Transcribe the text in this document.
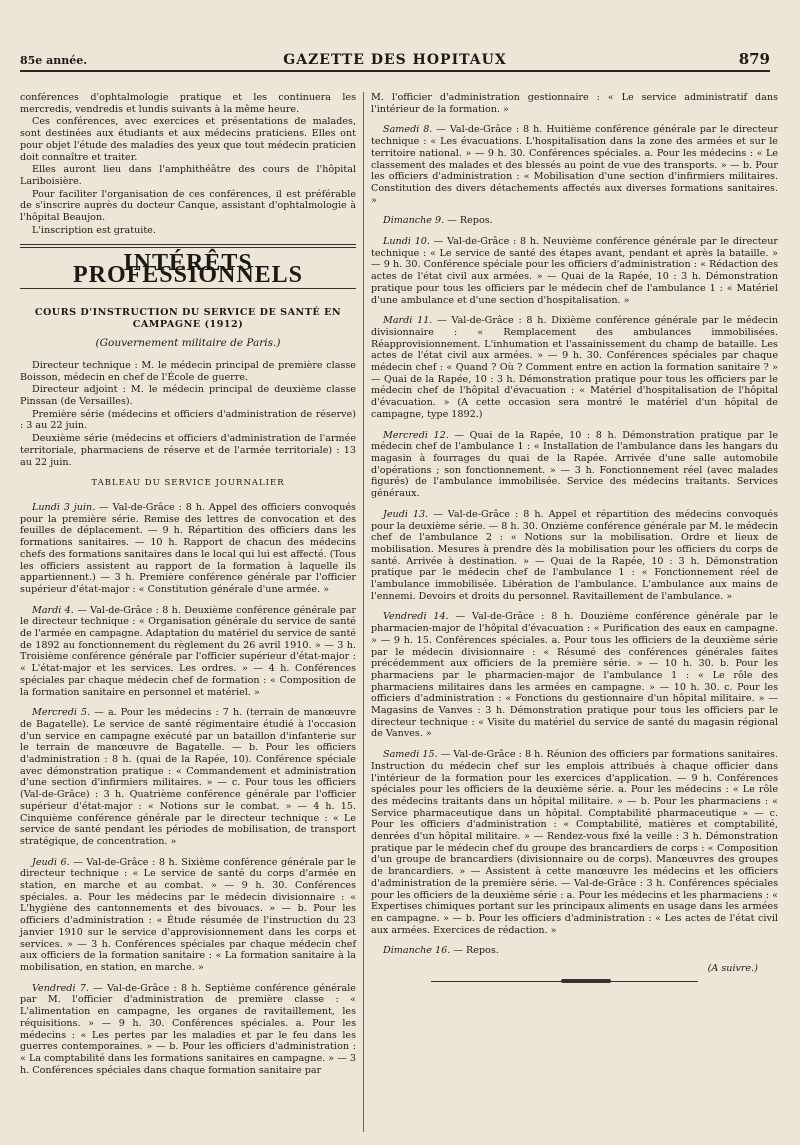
85e année.	GAZETTE DES HOPITAUX	879

conférences d'ophtalmologie pratique et les continuera les mercredis, vendredis et lundis suivants à la même heure.

Ces conférences, avec exercices et présentations de malades, sont destinées aux étudiants et aux médecins praticiens. Elles ont pour objet l'étude des maladies des yeux que tout médecin praticien doit connaître et traiter.

Elles auront lieu dans l'amphithéâtre des cours de l'hôpital Lariboisière.

Pour faciliter l'organisation de ces conférences, il est préférable de s'inscrire auprès du docteur Canque, assistant d'ophtalmologie à l'hôpital Beaujon.

L'inscription est gratuite.

INTÉRÊTS PROFESSIONNELS
COURS D'INSTRUCTION DU SERVICE DE SANTÉ EN CAMPAGNE (1912)
(Gouvernement militaire de Paris.)

Directeur technique : M. le médecin principal de première classe Boisson, médecin en chef de l'École de guerre.

Directeur adjoint : M. le médecin principal de deuxième classe Pinssan (de Versailles).

Première série (médecins et officiers d'administration de réserve) : 3 au 22 juin.

Deuxième série (médecins et officiers d'administration de l'armée territoriale, pharmaciens de réserve et de l'armée territoriale) : 13 au 22 juin.

TABLEAU DU SERVICE JOURNALIER

Lundi 3 juin. — Val-de-Grâce : 8 h. Appel des officiers convoqués pour la première série. Remise des lettres de convocation et des feuilles de déplacement. — 9 h. Répartition des officiers dans les formations sanitaires. — 10 h. Rapport de chacun des médecins chefs des formations sanitaires dans le local qui lui est affecté. (Tous les officiers assistent au rapport de la formation à laquelle ils appartiennent.) — 3 h. Première conférence générale par l'officier supérieur d'état-major : « Constitution générale d'une armée. »

Mardi 4. — Val-de-Grâce : 8 h. Deuxième conférence générale par le directeur technique : « Organisation générale du service de santé de l'armée en campagne. Adaptation du matériel du service de santé de 1892 au fonctionnement du règlement du 26 avril 1910. » — 3 h. Troisième conférence générale par l'officier supérieur d'état-major : « L'état-major et les services. Les ordres. » — 4 h. Conférences spéciales par chaque médecin chef de formation : « Composition de la formation sanitaire en personnel et matériel. »

Mercredi 5. — a. Pour les médecins : 7 h. (terrain de manœuvre de Bagatelle). Le service de santé régimentaire étudié à l'occasion d'un service en campagne exécuté par un bataillon d'infanterie sur le terrain de manœuvre de Bagatelle. — b. Pour les officiers d'administration : 8 h. (quai de la Rapée, 10). Conférence spéciale avec démonstration pratique : « Commandement et administration d'une section d'infirmiers militaires. » — c. Pour tous les officiers (Val-de-Grâce) : 3 h. Quatrième conférence générale par l'officier supérieur d'état-major : « Notions sur le combat. » — 4 h. 15. Cinquième conférence générale par le directeur technique : « Le service de santé pendant les périodes de mobilisation, de transport stratégique, de concentration. »

Jeudi 6. — Val-de-Grâce : 8 h. Sixième conférence générale par le directeur technique : « Le service de santé du corps d'armée en station, en marche et au combat. » — 9 h. 30. Conférences spéciales. a. Pour les médecins par le médecin divisionnaire : « L'hygiène des cantonnements et des bivouacs. » — b. Pour les officiers d'administration : « Étude résumée de l'instruction du 23 janvier 1910 sur le service d'approvisionnement dans les corps et services. » — 3 h. Conférences spéciales par chaque médecin chef aux officiers de la formation sanitaire : « La formation sanitaire à la mobilisation, en station, en marche. »

Vendredi 7. — Val-de-Grâce : 8 h. Septième conférence générale par M. l'officier d'administration de première classe : « L'alimentation en campagne, les organes de ravitaillement, les réquisitions. » — 9 h. 30. Conférences spéciales. a. Pour les médecins : « Les pertes par les maladies et par le feu dans les guerres contemporaines. » — b. Pour les officiers d'administration : « La comptabilité dans les formations sanitaires en campagne. » — 3 h. Conférences spéciales dans chaque formation sanitaire par

M. l'officier d'administration gestionnaire : « Le service administratif dans l'intérieur de la formation. »

Samedi 8. — Val-de-Grâce : 8 h. Huitième conférence générale par le directeur technique : « Les évacuations. L'hospitalisation dans la zone des armées et sur le territoire national. » — 9 h. 30. Conférences spéciales. a. Pour les médecins : « Le classement des malades et des blessés au point de vue des transports. » — b. Pour les officiers d'administration : « Mobilisation d'une section d'infirmiers militaires. Constitution des divers détachements affectés aux diverses formations sanitaires. »

Dimanche 9. — Repos.

Lundi 10. — Val-de-Grâce : 8 h. Neuvième conférence générale par le directeur technique : « Le service de santé des étapes avant, pendant et après la bataille. » — 9 h. 30. Conférence spéciale pour les officiers d'administration : « Rédaction des actes de l'état civil aux armées. » — Quai de la Rapée, 10 : 3 h. Démonstration pratique pour tous les officiers par le médecin chef de l'ambulance 1 : « Matériel d'une ambulance et d'une section d'hospitalisation. »

Mardi 11. — Val-de-Grâce : 8 h. Dixième conférence générale par le médecin divisionnaire : « Remplacement des ambulances immobilisées. Réapprovisionnement. L'inhumation et l'assainissement du champ de bataille. Les actes de l'état civil aux armées. » — 9 h. 30. Conférences spéciales par chaque médecin chef : « Quand ? Où ? Comment entre en action la formation sanitaire ? » — Quai de la Rapée, 10 : 3 h. Démonstration pratique pour tous les officiers par le médecin chef de l'hôpital d'évacuation : « Matériel d'hospitalisation de l'hôpital d'évacuation. » (A cette occasion sera montré le matériel d'un hôpital de campagne, type 1892.)

Mercredi 12. — Quai de la Rapée, 10 : 8 h. Démonstration pratique par le médecin chef de l'ambulance 1 : « Installation de l'ambulance dans les hangars du magasin à fourrages du quai de la Rapée. Arrivée d'une salle automobile d'opérations ; son fonctionnement. » — 3 h. Fonctionnement réel (avec malades figurés) de l'ambulance immobilisée. Service des médecins traitants. Services généraux.

Jeudi 13. — Val-de-Grâce : 8 h. Appel et répartition des médecins convoqués pour la deuxième série. — 8 h. 30. Onzième conférence générale par M. le médecin chef de l'ambulance 2 : « Notions sur la mobilisation. Ordre et lieux de mobilisation. Mesures à prendre dès la mobilisation pour les officiers du corps de santé. Arrivée à destination. » — Quai de la Rapée, 10 : 3 h. Démonstration pratique par le médecin chef de l'ambulance 1 : « Fonctionnement réel de l'ambulance immobilisée. Libération de l'ambulance. L'ambulance aux mains de l'ennemi. Devoirs et droits du personnel. Ravitaillement de l'ambulance. »

Vendredi 14. — Val-de-Grâce : 8 h. Douzième conférence générale par le pharmacien-major de l'hôpital d'évacuation : « Purification des eaux en campagne. » — 9 h. 15. Conférences spéciales. a. Pour tous les officiers de la deuxième série par le médecin divisionnaire : « Résumé des conférences générales faites précédemment aux officiers de la première série. » — 10 h. 30. b. Pour les pharmaciens par le pharmacien-major de l'ambulance 1 : « Le rôle des pharmaciens militaires dans les armées en campagne. » — 10 h. 30. c. Pour les officiers d'administration : « Fonctions du gestionnaire d'un hôpital militaire. » — Magasins de Vanves : 3 h. Démonstration pratique pour tous les officiers par le directeur technique : « Visite du matériel du service de santé du magasin régional de Vanves. »

Samedi 15. — Val-de-Grâce : 8 h. Réunion des officiers par formations sanitaires. Instruction du médecin chef sur les emplois attribués à chaque officier dans l'intérieur de la formation pour les exercices d'application. — 9 h. Conférences spéciales pour les officiers de la deuxième série. a. Pour les médecins : « Le rôle des médecins traitants dans un hôpital militaire. » — b. Pour les pharmaciens : « Service pharmaceutique dans un hôpital. Comptabilité pharmaceutique » — c. Pour les officiers d'administration : « Comptabilité, matières et comptabilité, denrées d'un hôpital militaire. » — Rendez-vous fixé la veille : 3 h. Démonstration pratique par le médecin chef du groupe des brancardiers de corps : « Composition d'un groupe de brancardiers (divisionnaire ou de corps). Manœuvres des groupes de brancardiers. » — Assistent à cette manœuvre les médecins et les officiers d'administration de la première série. — Val-de-Grâce : 3 h. Conférences spéciales pour les officiers de la deuxième série : a. Pour les médecins et les pharmaciens : « Expertises chimiques portant sur les principaux aliments en usage dans les armées en campagne. » — b. Pour les officiers d'administration : « Les actes de l'état civil aux armées. Exercices de rédaction. »

Dimanche 16. — Repos.

(A suivre.)
